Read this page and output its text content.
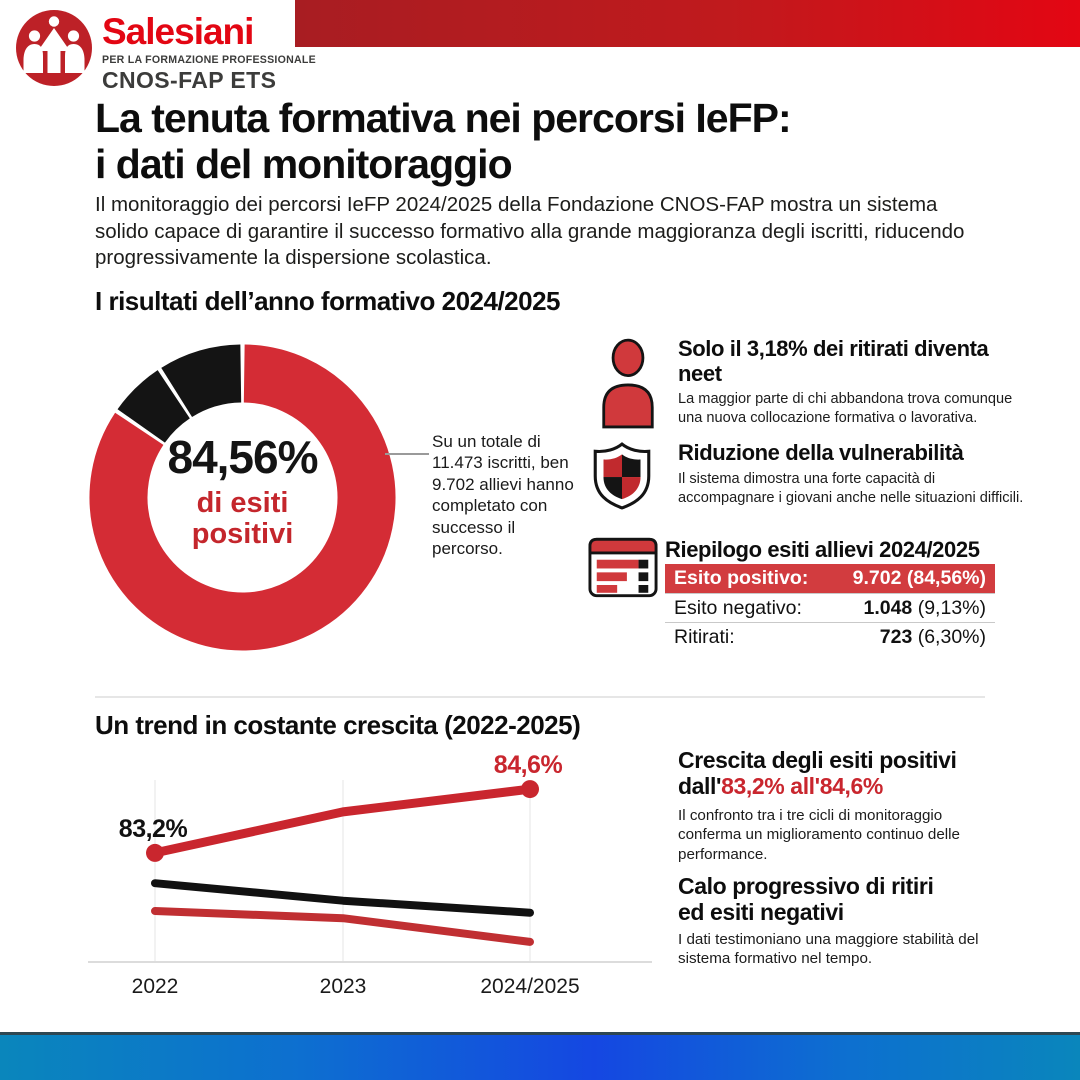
Salesiani
PER LA FORMAZIONE PROFESSIONALE
CNOS-FAP ETS
La tenuta formativa nei percorsi IeFP:
i dati del monitoraggio

Il monitoraggio dei percorsi IeFP 2024/2025 della Fondazione CNOS-FAP mostra un sistema solido capace di garantire il successo formativo alla grande maggioranza degli iscritti, riducendo progressivamente la dispersione scolastica.

I risultati dell’anno formativo 2024/2025
84,56%
di esiti positivi
Su un totale di 11.473 iscritti, ben 9.702 allievi hanno completato con successo il percorso.
Solo il 3,18% dei ritirati diventa neet
La maggior parte di chi abbandona trova comunque una nuova collocazione formativa o lavorativa.
Riduzione della vulnerabilità
Il sistema dimostra una forte capacità di accompagnare i giovani anche nelle situazioni difficili.
Riepilogo esiti allievi 2024/2025
Esito positivo: 9.702 (84,56%)
Esito negativo:	1.048 (9,13%)
Ritirati:	723 (6,30%)
Un trend in costante crescita (2022-2025)
83,2%
84,6%
2022	2023	2024/2025
Crescita degli esiti positivi
dall'83,2% all'84,6%
Il confronto tra i tre cicli di monitoraggio conferma un miglioramento continuo delle performance.
Calo progressivo di ritiri
ed esiti negativi
I dati testimoniano una maggiore stabilità del sistema formativo nel tempo.
